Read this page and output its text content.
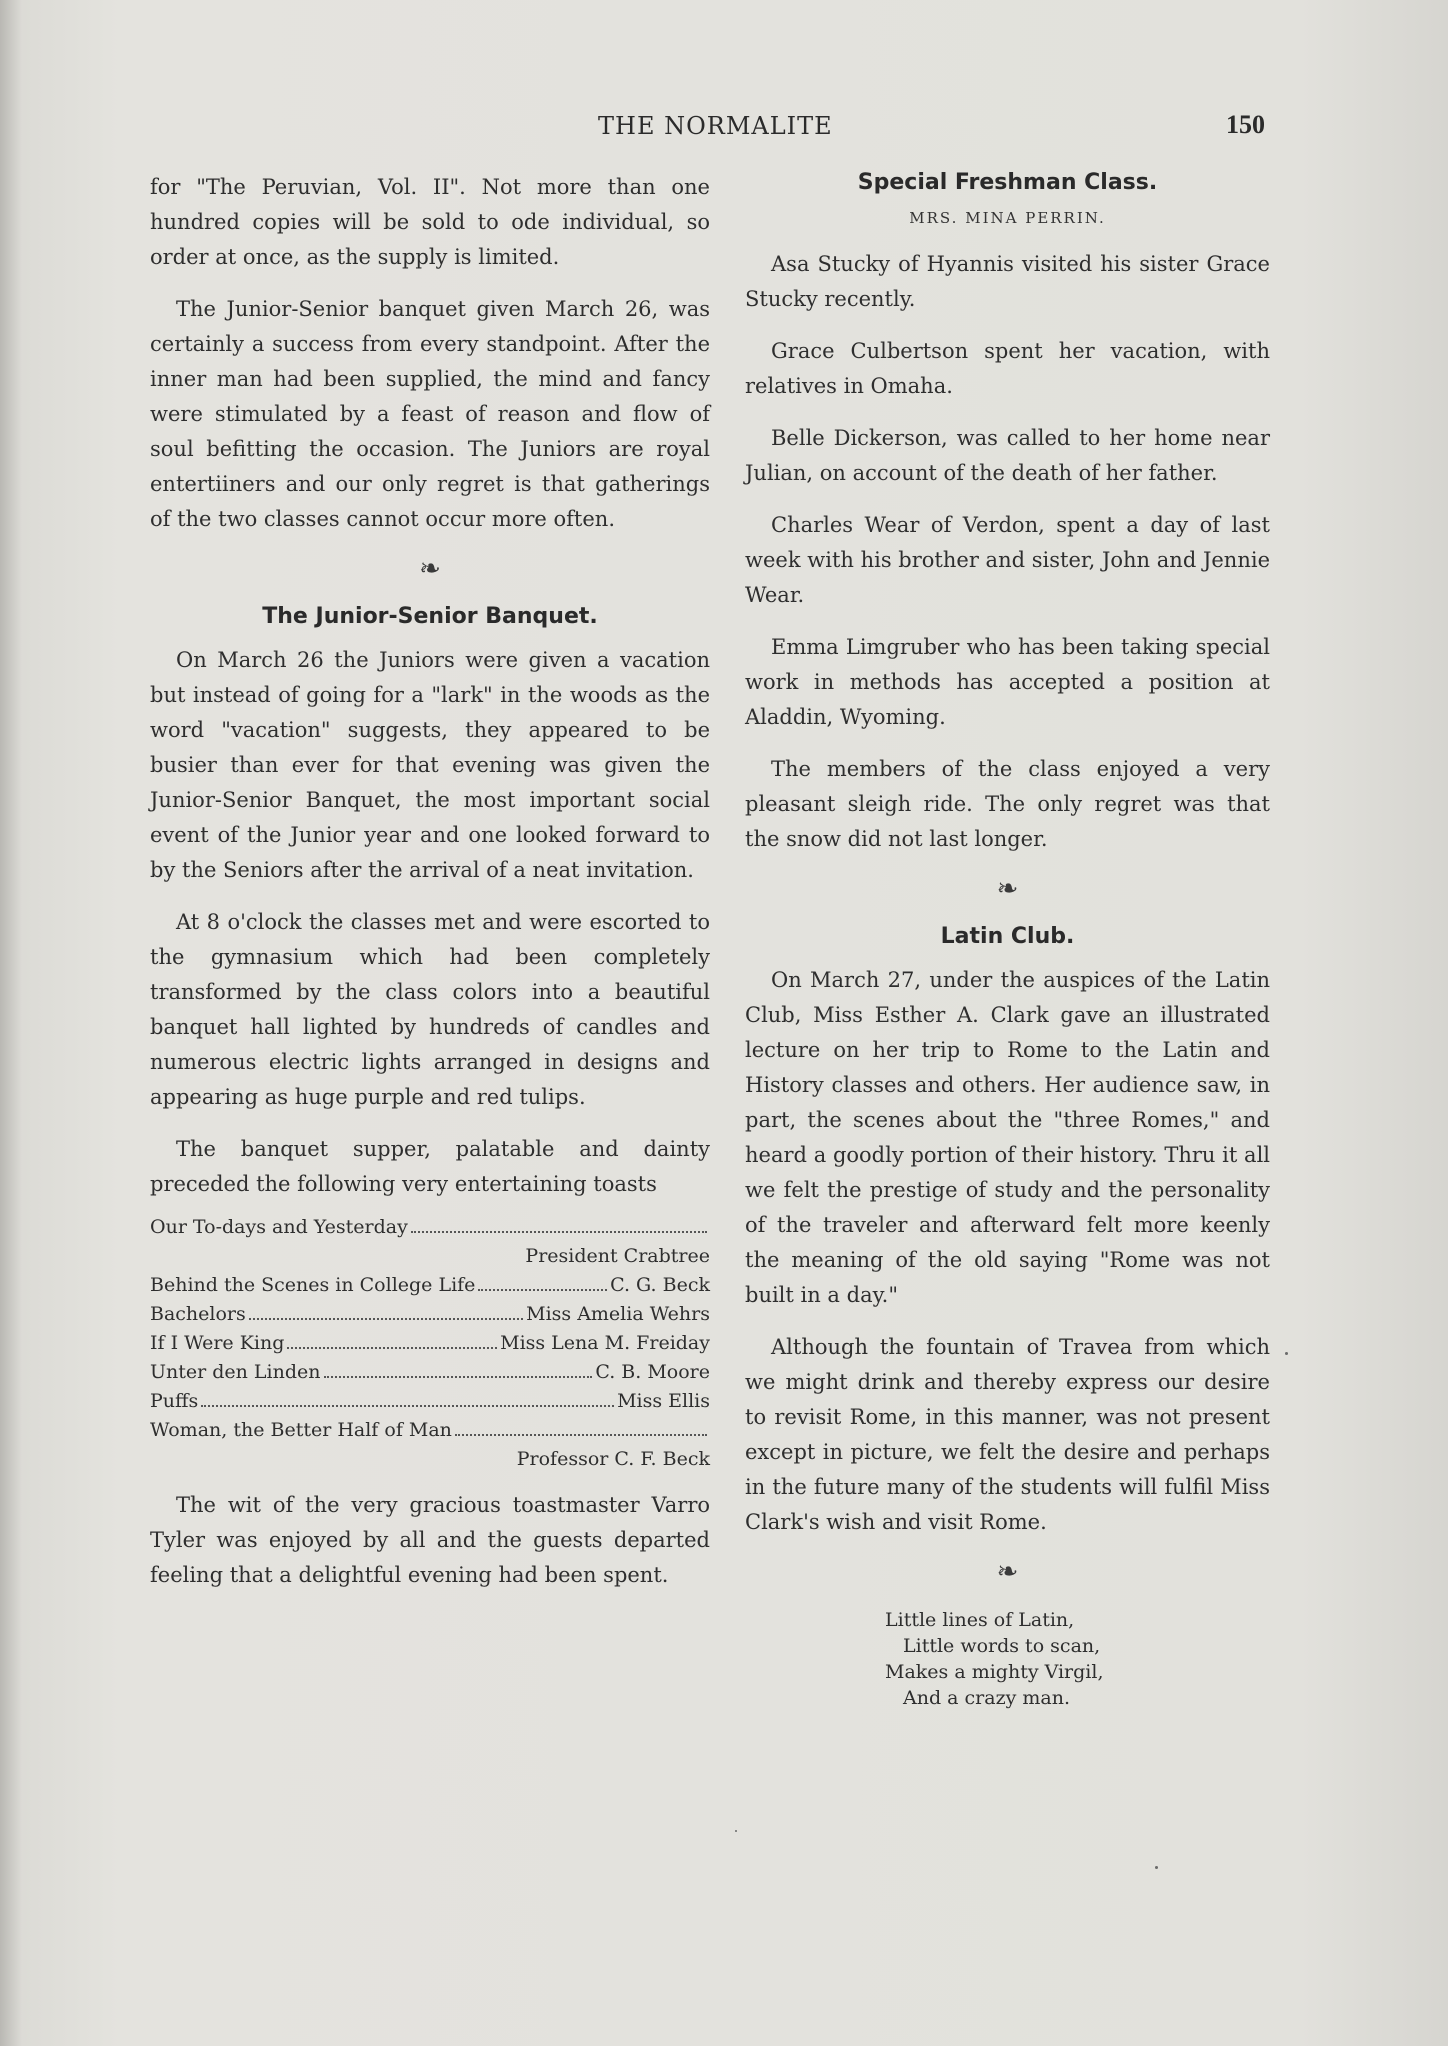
THE NORMALITE	150

for "The Peruvian, Vol. II". Not more than one hundred copies will be sold to ode individual, so order at once, as the supply is limited.

The Junior-Senior banquet given March 26, was certainly a success from every standpoint. After the inner man had been supplied, the mind and fancy were stimulated by a feast of reason and flow of soul befitting the occasion. The Juniors are royal entertiiners and our only regret is that gatherings of the two classes cannot occur more often.

❧
The Junior-Senior Banquet.

On March 26 the Juniors were given a vacation but instead of going for a "lark" in the woods as the word "vacation" suggests, they appeared to be busier than ever for that evening was given the Junior-Senior Banquet, the most important social event of the Junior year and one looked forward to by the Seniors after the arrival of a neat invitation.

At 8 o'clock the classes met and were escorted to the gymnasium which had been completely transformed by the class colors into a beautiful banquet hall lighted by hundreds of candles and numerous electric lights arranged in designs and appearing as huge purple and red tulips.

The banquet supper, palatable and dainty preceded the following very entertaining toasts

Our To-days and Yesterday
President Crabtree
Behind the Scenes in College Life	C. G. Beck
Bachelors	Miss Amelia Wehrs
If I Were King	Miss Lena M. Freiday
Unter den Linden	C. B. Moore
Puffs	Miss Ellis
Woman, the Better Half of Man
Professor C. F. Beck

The wit of the very gracious toastmaster Varro Tyler was enjoyed by all and the guests departed feeling that a delightful evening had been spent.

Special Freshman Class.
MRS. MINA PERRIN.

Asa Stucky of Hyannis visited his sister Grace Stucky recently.

Grace Culbertson spent her vacation, with relatives in Omaha.

Belle Dickerson, was called to her home near Julian, on account of the death of her father.

Charles Wear of Verdon, spent a day of last week with his brother and sister, John and Jennie Wear.

Emma Limgruber who has been taking special work in methods has accepted a position at Aladdin, Wyoming.

The members of the class enjoyed a very pleasant sleigh ride. The only regret was that the snow did not last longer.

❧
Latin Club.

On March 27, under the auspices of the Latin Club, Miss Esther A. Clark gave an illustrated lecture on her trip to Rome to the Latin and History classes and others. Her audience saw, in part, the scenes about the "three Romes," and heard a goodly portion of their history. Thru it all we felt the prestige of study and the personality of the traveler and afterward felt more keenly the meaning of the old saying "Rome was not built in a day."

Although the fountain of Travea from which we might drink and thereby express our desire to revisit Rome, in this manner, was not present except in picture, we felt the desire and perhaps in the future many of the students will fulfil Miss Clark's wish and visit Rome.

❧
Little lines of Latin,
Little words to scan,
Makes a mighty Virgil,
And a crazy man.
